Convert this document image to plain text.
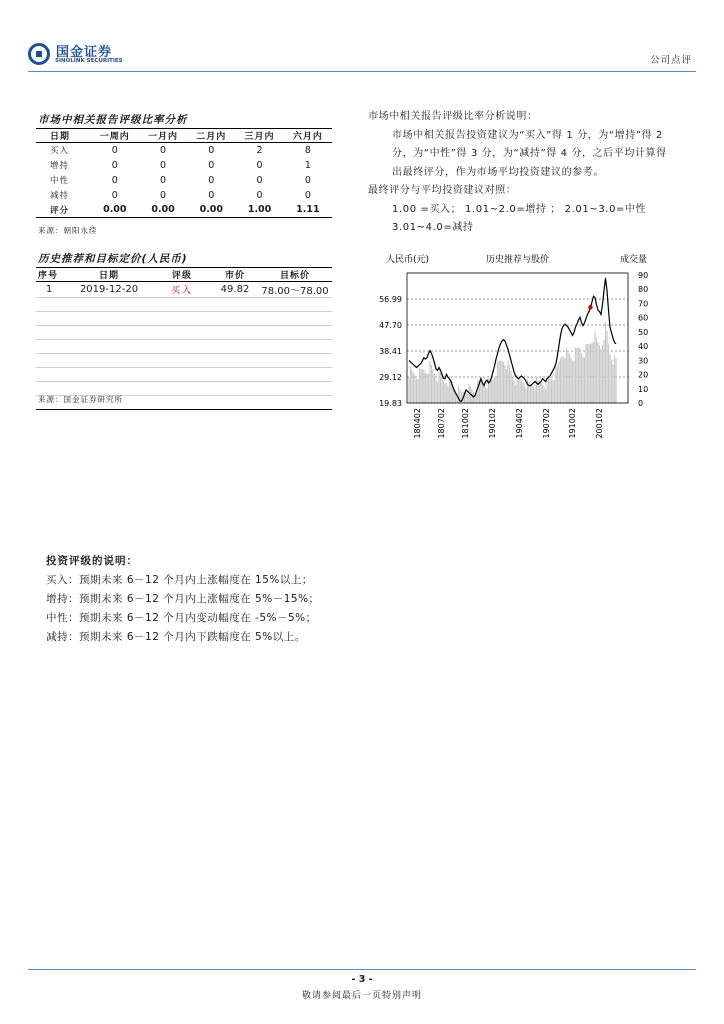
国金证券
SINOLINK SECURITIES	公司点评
市场中相关报告评级比率分析
日期	一周内	一月内	二月内	三月内	六月内
买入	0	0	0	2	8
增持	0	0	0	0	1
中性	0	0	0	0	0
减持	0	0	0	0	0
评分	0.00	0.00	0.00	1.00	1.11
来源：朝阳永续
历史推荐和目标定价(人民币)
序号	日期	评级	市价	目标价
1	2019-12-20	买入	49.82	78.00～78.00

来源：国金证券研究所

市场中相关报告评级比率分析说明：

市场中相关报告投资建议为“买入”得 1 分，为“增持”得 2 分，为“中性”得 3 分，为“减持”得 4 分，之后平均计算得出最终评分，作为市场平均投资建议的参考。

最终评分与平均投资建议对照：

1.00 =买入； 1.01~2.0=增持 ； 2.01~3.0=中性

3.01~4.0=减持

人民币(元)	历史推荐与股价	成交量
56.99
47.70
38.41
29.12
19.83
90
80
70
60
50
40
30
20
10
0
180402 180702 181002 190102 190402 190702 191002 200102
投资评级的说明：
买入：预期未来 6－12 个月内上涨幅度在 15%以上；
增持：预期未来 6－12 个月内上涨幅度在 5%－15%；
中性：预期未来 6－12 个月内变动幅度在 -5%－5%；
减持：预期未来 6－12 个月内下跌幅度在 5%以上。
- 3 -
敬请参阅最后一页特别声明
